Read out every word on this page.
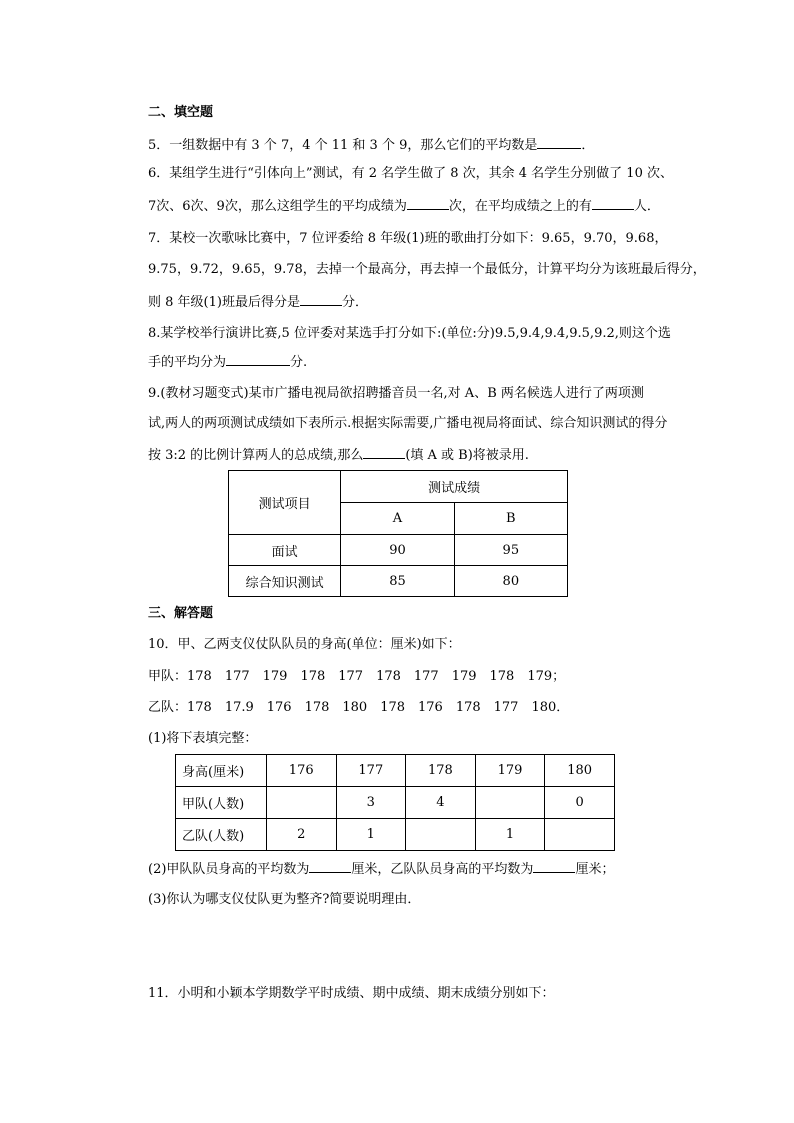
二、填空题
5．一组数据中有 3 个 7，4 个 11 和 3 个 9，那么它们的平均数是	．
6．某组学生进行“引体向上”测试，有 2 名学生做了 8 次，其余 4 名学生分别做了 10 次、
7次、6次、9次，那么这组学生的平均成绩为	次，在平均成绩之上的有	人．
7．某校一次歌咏比赛中，7 位评委给 8 年级(1)班的歌曲打分如下：9.65，9.70，9.68，
9.75，9.72，9.65，9.78，去掉一个最高分，再去掉一个最低分，计算平均分为该班最后得分，
则 8 年级(1)班最后得分是	分．
8.某学校举行演讲比赛,5 位评委对某选手打分如下:(单位:分)9.5,9.4,9.4,9.5,9.2,则这个选
手的平均分为	分.
9.(教材习题变式)某市广播电视局欲招聘播音员一名,对 A、B 两名候选人进行了两项测
试,两人的两项测试成绩如下表所示.根据实际需要,广播电视局将面试、综合知识测试的得分
按 3:2 的比例计算两人的总成绩,那么	(填 A 或 B)将被录用.
测试项目	测试成绩	
	A	B
面试	90	95
综合知识测试	85	80
三、解答题
10．甲、乙两支仪仗队队员的身高(单位：厘米)如下：
甲队：178　177　179　178　177　178　177　179　178　179；
乙队：178　17.9　176　178　180　178　176　178　177　180．
(1)将下表填完整：
身高(厘米)	176	177	178	179	180
甲队(人数)		3	4		0
乙队(人数)	2	1		1	
(2)甲队队员身高的平均数为	厘米，乙队队员身高的平均数为	厘米；
(3)你认为哪支仪仗队更为整齐?简要说明理由．
11．小明和小颖本学期数学平时成绩、期中成绩、期末成绩分别如下：
